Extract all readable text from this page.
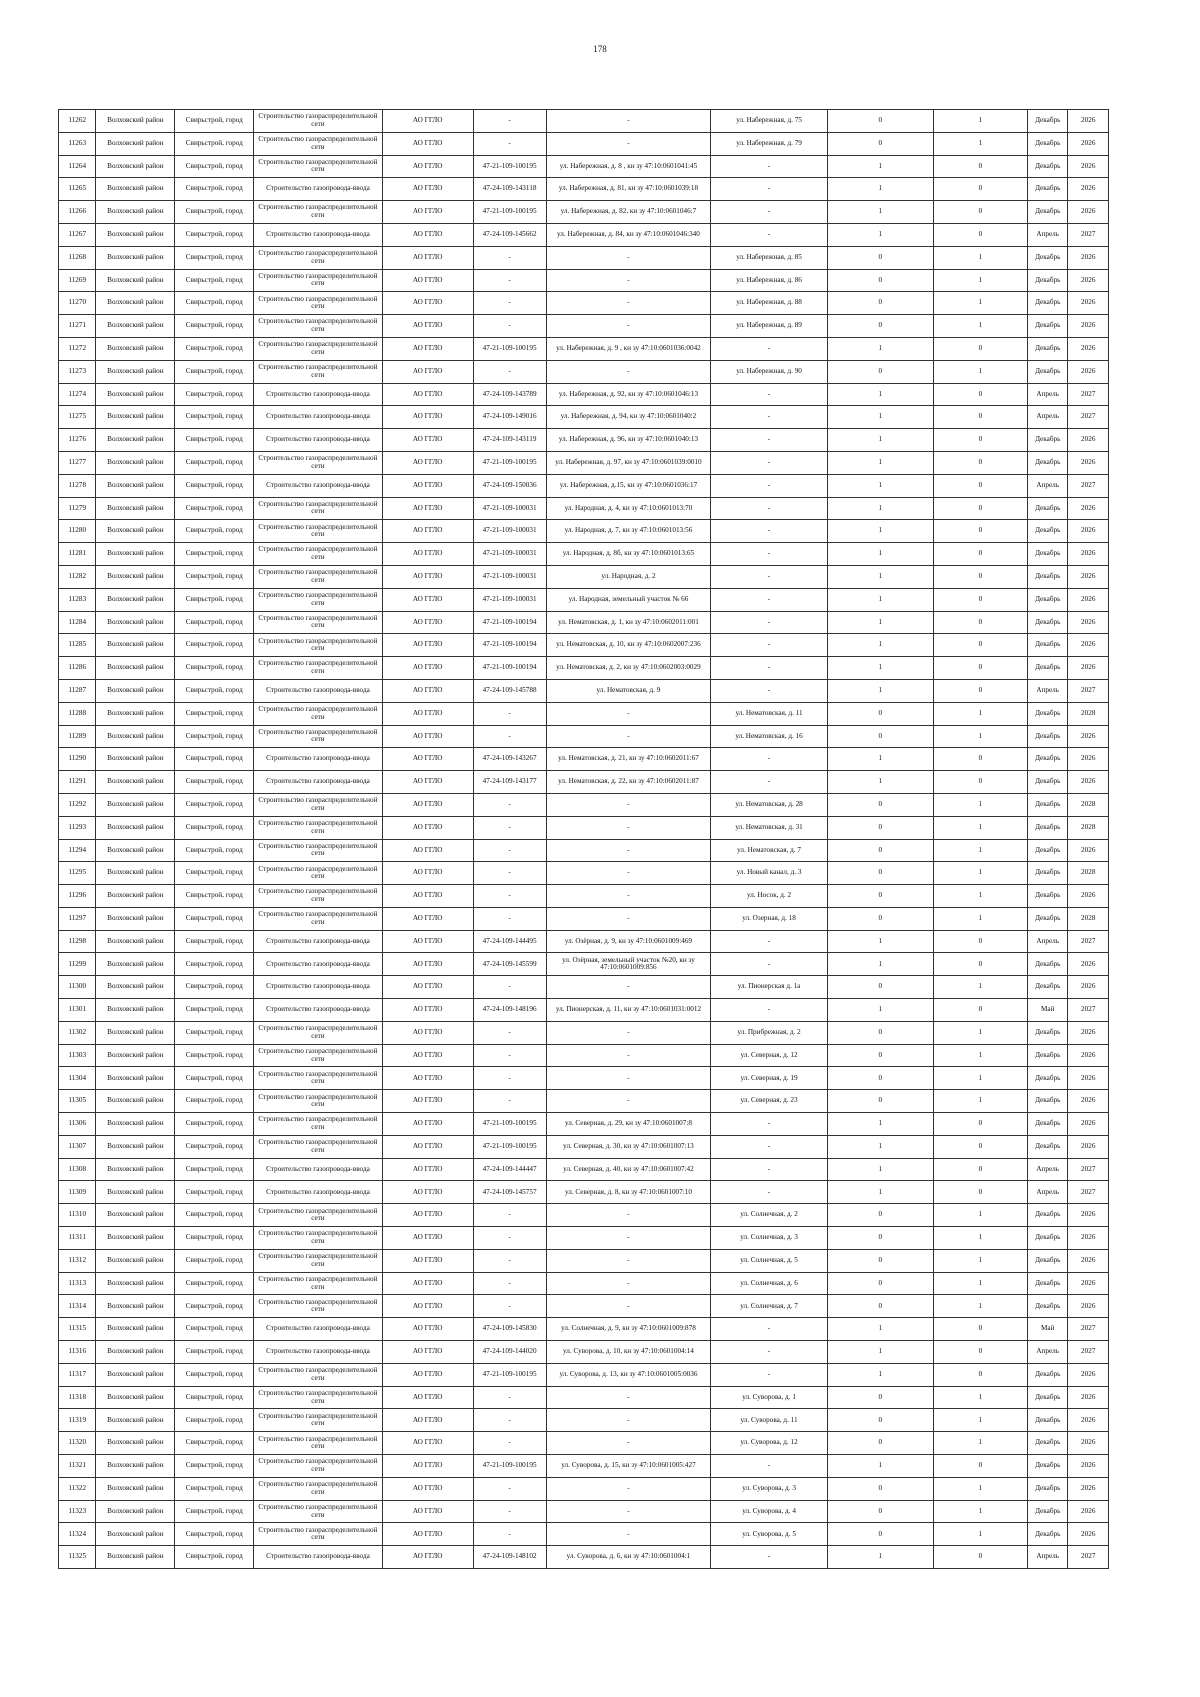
178
11262	Волховский район	Свирьстрой, город	Строительство газораспределительной сети	АО ГГЛО	-	-	ул. Набережная, д. 75	0	1	Декабрь	2026
11263	Волховский район	Свирьстрой, город	Строительство газораспределительной сети	АО ГГЛО	-	-	ул. Набережная, д. 79	0	1	Декабрь	2026
11264	Волховский район	Свирьстрой, город	Строительство газораспределительной сети	АО ГГЛО	47-21-109-100195	ул. Набережная, д. 8 , кн зу 47:10:0601041:45	-	1	0	Декабрь	2026
11265	Волховский район	Свирьстрой, город	Строительство газопровода-ввода	АО ГГЛО	47-24-109-143118	ул. Набережная, д. 81, кн зу 47:10:0601039:18	-	1	0	Декабрь	2026
11266	Волховский район	Свирьстрой, город	Строительство газораспределительной сети	АО ГГЛО	47-21-109-100195	ул. Набережная, д. 82, кн зу 47:10:0601046:7	-	1	0	Декабрь	2026
11267	Волховский район	Свирьстрой, город	Строительство газопровода-ввода	АО ГГЛО	47-24-109-145662	ул. Набережная, д. 84, кн зу 47:10:0601046:340	-	1	0	Апрель	2027
11268	Волховский район	Свирьстрой, город	Строительство газораспределительной сети	АО ГГЛО	-	-	ул. Набережная, д. 85	0	1	Декабрь	2026
11269	Волховский район	Свирьстрой, город	Строительство газораспределительной сети	АО ГГЛО	-	-	ул. Набережная, д. 86	0	1	Декабрь	2026
11270	Волховский район	Свирьстрой, город	Строительство газораспределительной сети	АО ГГЛО	-	-	ул. Набережная, д. 88	0	1	Декабрь	2026
11271	Волховский район	Свирьстрой, город	Строительство газораспределительной сети	АО ГГЛО	-	-	ул. Набережная, д. 89	0	1	Декабрь	2026
11272	Волховский район	Свирьстрой, город	Строительство газораспределительной сети	АО ГГЛО	47-21-109-100195	ул. Набережная, д. 9 , кн зу 47:10:0601036:0042	-	1	0	Декабрь	2026
11273	Волховский район	Свирьстрой, город	Строительство газораспределительной сети	АО ГГЛО	-	-	ул. Набережная, д. 90	0	1	Декабрь	2026
11274	Волховский район	Свирьстрой, город	Строительство газопровода-ввода	АО ГГЛО	47-24-109-143789	ул. Набережная, д. 92, кн зу 47:10:0601046:13	-	1	0	Апрель	2027
11275	Волховский район	Свирьстрой, город	Строительство газопровода-ввода	АО ГГЛО	47-24-109-149016	ул. Набережная, д. 94, кн зу 47:10:0601040:2	-	1	0	Апрель	2027
11276	Волховский район	Свирьстрой, город	Строительство газопровода-ввода	АО ГГЛО	47-24-109-143119	ул. Набережная, д. 96, кн зу 47:10:0601040:13	-	1	0	Декабрь	2026
11277	Волховский район	Свирьстрой, город	Строительство газораспределительной сети	АО ГГЛО	47-21-109-100195	ул. Набережная, д. 97, кн зу 47:10:0601039:0010	-	1	0	Декабрь	2026
11278	Волховский район	Свирьстрой, город	Строительство газопровода-ввода	АО ГГЛО	47-24-109-150036	ул. Набережная, д.15, кн зу 47:10:0601036:17	-	1	0	Апрель	2027
11279	Волховский район	Свирьстрой, город	Строительство газораспределительной сети	АО ГГЛО	47-21-109-100031	ул. Народная, д. 4, кн зу 47:10:0601013:70	-	1	0	Декабрь	2026
11280	Волховский район	Свирьстрой, город	Строительство газораспределительной сети	АО ГГЛО	47-21-109-100031	ул. Народная, д. 7, кн зу 47:10:0601013:56	-	1	0	Декабрь	2026
11281	Волховский район	Свирьстрой, город	Строительство газораспределительной сети	АО ГГЛО	47-21-109-100031	ул. Народная, д. 8б, кн зу 47:10:0601013:65	-	1	0	Декабрь	2026
11282	Волховский район	Свирьстрой, город	Строительство газораспределительной сети	АО ГГЛО	47-21-109-100031	ул. Народная, д. 2	-	1	0	Декабрь	2026
11283	Волховский район	Свирьстрой, город	Строительство газораспределительной сети	АО ГГЛО	47-21-109-100031	ул. Народная, земельный участок № 66	-	1	0	Декабрь	2026
11284	Волховский район	Свирьстрой, город	Строительство газораспределительной сети	АО ГГЛО	47-21-109-100194	ул. Нематовская, д. 1, кн зу 47:10:0602011:001	-	1	0	Декабрь	2026
11285	Волховский район	Свирьстрой, город	Строительство газораспределительной сети	АО ГГЛО	47-21-109-100194	ул. Нематовская, д. 10, кн зу 47:10:0602007:236	-	1	0	Декабрь	2026
11286	Волховский район	Свирьстрой, город	Строительство газораспределительной сети	АО ГГЛО	47-21-109-100194	ул. Нематовская, д. 2, кн зу 47:10:0602003:0029	-	1	0	Декабрь	2026
11287	Волховский район	Свирьстрой, город	Строительство газопровода-ввода	АО ГГЛО	47-24-109-145788	ул. Нематовская, д. 9	-	1	0	Апрель	2027
11288	Волховский район	Свирьстрой, город	Строительство газораспределительной сети	АО ГГЛО	-	-	ул. Нематовская, д. 11	0	1	Декабрь	2028
11289	Волховский район	Свирьстрой, город	Строительство газораспределительной сети	АО ГГЛО	-	-	ул. Нематовская, д. 16	0	1	Декабрь	2026
11290	Волховский район	Свирьстрой, город	Строительство газопровода-ввода	АО ГГЛО	47-24-109-143267	ул. Нематовская, д. 21, кн зу 47:10:0602011:67	-	1	0	Декабрь	2026
11291	Волховский район	Свирьстрой, город	Строительство газопровода-ввода	АО ГГЛО	47-24-109-143177	ул. Нематовская, д. 22, кн зу 47:10:0602011:87	-	1	0	Декабрь	2026
11292	Волховский район	Свирьстрой, город	Строительство газораспределительной сети	АО ГГЛО	-	-	ул. Нематовская, д. 28	0	1	Декабрь	2028
11293	Волховский район	Свирьстрой, город	Строительство газораспределительной сети	АО ГГЛО	-	-	ул. Нематовская, д. 31	0	1	Декабрь	2028
11294	Волховский район	Свирьстрой, город	Строительство газораспределительной сети	АО ГГЛО	-	-	ул. Нематовская, д. 7	0	1	Декабрь	2026
11295	Волховский район	Свирьстрой, город	Строительство газораспределительной сети	АО ГГЛО	-	-	ул. Новый канал, д. 3	0	1	Декабрь	2028
11296	Волховский район	Свирьстрой, город	Строительство газораспределительной сети	АО ГГЛО	-	-	ул. Носок, д. 2	0	1	Декабрь	2026
11297	Волховский район	Свирьстрой, город	Строительство газораспределительной сети	АО ГГЛО	-	-	ул. Озерная, д. 18	0	1	Декабрь	2028
11298	Волховский район	Свирьстрой, город	Строительство газопровода-ввода	АО ГГЛО	47-24-109-144495	ул. Озёрная, д. 9, кн зу 47:10:0601009:469	-	1	0	Апрель	2027
11299	Волховский район	Свирьстрой, город	Строительство газопровода-ввода	АО ГГЛО	47-24-109-145599	ул. Озёрная, земельный участок №20, кн зу 47:10:0601009:856	-	1	0	Декабрь	2026
11300	Волховский район	Свирьстрой, город	Строительство газопровода-ввода	АО ГГЛО	-	-	ул. Пионерская д. 1а	0	1	Декабрь	2026
11301	Волховский район	Свирьстрой, город	Строительство газопровода-ввода	АО ГГЛО	47-24-109-148196	ул. Пионерская, д. 11, кн зу 47:10:0601031:0012	-	1	0	Май	2027
11302	Волховский район	Свирьстрой, город	Строительство газораспределительной сети	АО ГГЛО	-	-	ул. Прибрежная, д. 2	0	1	Декабрь	2026
11303	Волховский район	Свирьстрой, город	Строительство газораспределительной сети	АО ГГЛО	-	-	ул. Северная, д. 12	0	1	Декабрь	2026
11304	Волховский район	Свирьстрой, город	Строительство газораспределительной сети	АО ГГЛО	-	-	ул. Северная, д. 19	0	1	Декабрь	2026
11305	Волховский район	Свирьстрой, город	Строительство газораспределительной сети	АО ГГЛО	-	-	ул. Северная, д. 23	0	1	Декабрь	2026
11306	Волховский район	Свирьстрой, город	Строительство газораспределительной сети	АО ГГЛО	47-21-109-100195	ул. Северная, д. 29, кн зу 47:10:0601007:8	-	1	0	Декабрь	2026
11307	Волховский район	Свирьстрой, город	Строительство газораспределительной сети	АО ГГЛО	47-21-109-100195	ул. Северная, д. 30, кн зу 47:10:0601007:13	-	1	0	Декабрь	2026
11308	Волховский район	Свирьстрой, город	Строительство газопровода-ввода	АО ГГЛО	47-24-109-144447	ул. Северная, д. 40, кн зу 47:10:0601007:42	-	1	0	Апрель	2027
11309	Волховский район	Свирьстрой, город	Строительство газопровода-ввода	АО ГГЛО	47-24-109-145757	ул. Северная, д. 8, кн зу 47:10:0601007:10	-	1	0	Апрель	2027
11310	Волховский район	Свирьстрой, город	Строительство газораспределительной сети	АО ГГЛО	-	-	ул. Солнечная, д. 2	0	1	Декабрь	2026
11311	Волховский район	Свирьстрой, город	Строительство газораспределительной сети	АО ГГЛО	-	-	ул. Солнечная, д. 3	0	1	Декабрь	2026
11312	Волховский район	Свирьстрой, город	Строительство газораспределительной сети	АО ГГЛО	-	-	ул. Солнечная, д. 5	0	1	Декабрь	2026
11313	Волховский район	Свирьстрой, город	Строительство газораспределительной сети	АО ГГЛО	-	-	ул. Солнечная, д. 6	0	1	Декабрь	2026
11314	Волховский район	Свирьстрой, город	Строительство газораспределительной сети	АО ГГЛО	-	-	ул. Солнечная, д. 7	0	1	Декабрь	2026
11315	Волховский район	Свирьстрой, город	Строительство газопровода-ввода	АО ГГЛО	47-24-109-145830	ул. Солнечная, д. 9, кн зу 47:10:0601009:878	-	1	0	Май	2027
11316	Волховский район	Свирьстрой, город	Строительство газопровода-ввода	АО ГГЛО	47-24-109-144020	ул. Суворова, д. 10, кн зу 47:10:0601004:14	-	1	0	Апрель	2027
11317	Волховский район	Свирьстрой, город	Строительство газораспределительной сети	АО ГГЛО	47-21-109-100195	ул. Суворова, д. 13, кн зу 47:10:0601005:0036	-	1	0	Декабрь	2026
11318	Волховский район	Свирьстрой, город	Строительство газораспределительной сети	АО ГГЛО	-	-	ул. Суворова, д. 1	0	1	Декабрь	2026
11319	Волховский район	Свирьстрой, город	Строительство газораспределительной сети	АО ГГЛО	-	-	ул. Суворова, д. 11	0	1	Декабрь	2026
11320	Волховский район	Свирьстрой, город	Строительство газораспределительной сети	АО ГГЛО	-	-	ул. Суворова, д. 12	0	1	Декабрь	2026
11321	Волховский район	Свирьстрой, город	Строительство газораспределительной сети	АО ГГЛО	47-21-109-100195	ул. Суворова, д. 15, кн зу 47:10:0601005:427	-	1	0	Декабрь	2026
11322	Волховский район	Свирьстрой, город	Строительство газораспределительной сети	АО ГГЛО	-	-	ул. Суворова, д. 3	0	1	Декабрь	2026
11323	Волховский район	Свирьстрой, город	Строительство газораспределительной сети	АО ГГЛО	-	-	ул. Суворова, д. 4	0	1	Декабрь	2026
11324	Волховский район	Свирьстрой, город	Строительство газораспределительной сети	АО ГГЛО	-	-	ул. Суворова, д. 5	0	1	Декабрь	2026
11325	Волховский район	Свирьстрой, город	Строительство газопровода-ввода	АО ГГЛО	47-24-109-148102	ул. Суворова, д. 6, кн зу 47:10:0601004:1	-	1	0	Апрель	2027
